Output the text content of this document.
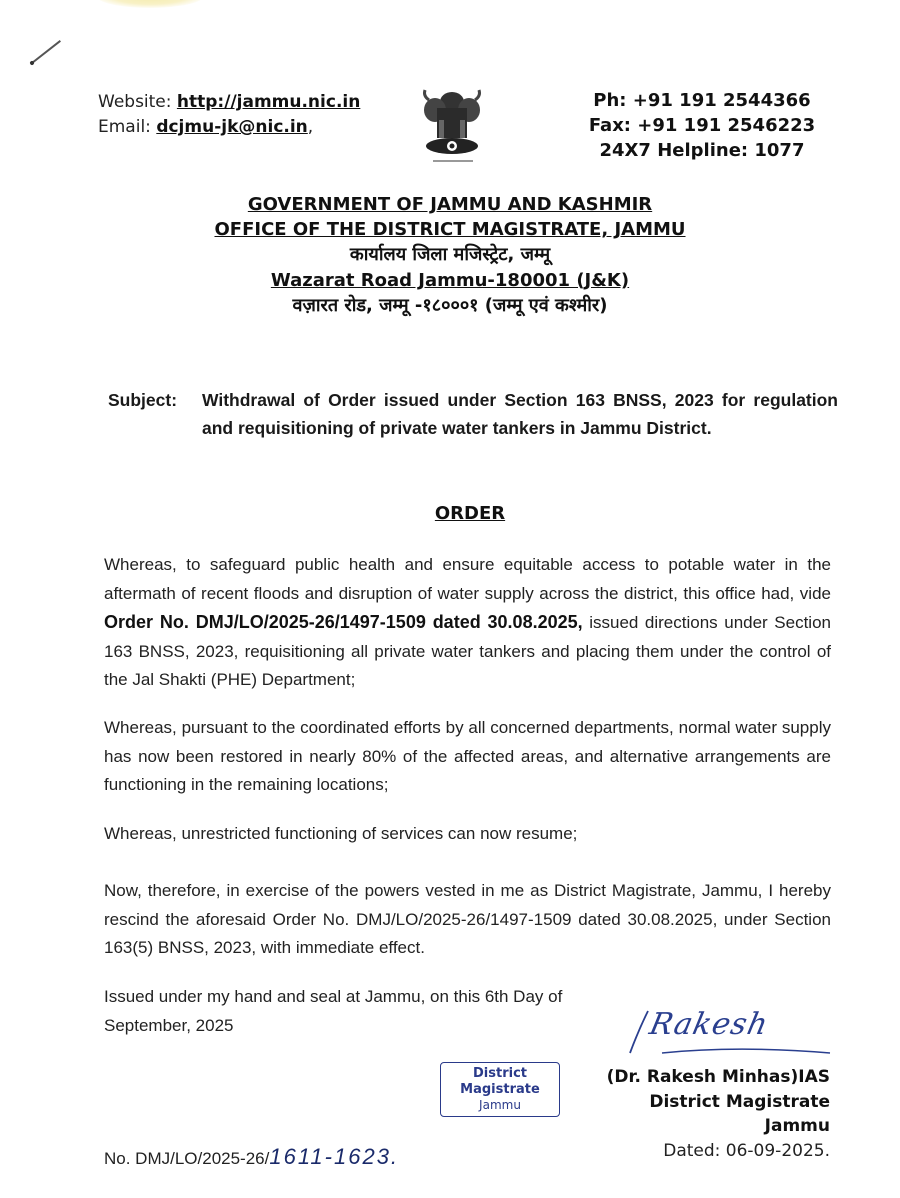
Website: http://jammu.nic.in
Email: dcjmu-jk@nic.in,
Ph: +91 191 2544366
Fax: +91 191 2546223
24X7 Helpline: 1077
GOVERNMENT OF JAMMU AND KASHMIR
OFFICE OF THE DISTRICT MAGISTRATE, JAMMU
कार्यालय जिला मजिस्ट्रेट, जम्मू
Wazarat Road Jammu-180001 (J&K)
वज़ारत रोड, जम्मू -१८०००१ (जम्मू एवं कश्मीर)
Subject: Withdrawal of Order issued under Section 163 BNSS, 2023 for regulation and requisitioning of private water tankers in Jammu District.
ORDER
Whereas, to safeguard public health and ensure equitable access to potable water in the aftermath of recent floods and disruption of water supply across the district, this office had, vide Order No. DMJ/LO/2025-26/1497-1509 dated 30.08.2025, issued directions under Section 163 BNSS, 2023, requisitioning all private water tankers and placing them under the control of the Jal Shakti (PHE) Department;
Whereas, pursuant to the coordinated efforts by all concerned departments, normal water supply has now been restored in nearly 80% of the affected areas, and alternative arrangements are functioning in the remaining locations;
Whereas, unrestricted functioning of services can now resume;
Now, therefore, in exercise of the powers vested in me as District Magistrate, Jammu, I hereby rescind the aforesaid Order No. DMJ/LO/2025-26/1497-1509 dated 30.08.2025, under Section 163(5) BNSS, 2023, with immediate effect.
Issued under my hand and seal at Jammu, on this 6th Day of September, 2025	Rakesh
District Magistrate
Jammu
(Dr. Rakesh Minhas)IAS
District Magistrate
Jammu
Dated: 06-09-2025.
No. DMJ/LO/2025-26/1611-1623.
